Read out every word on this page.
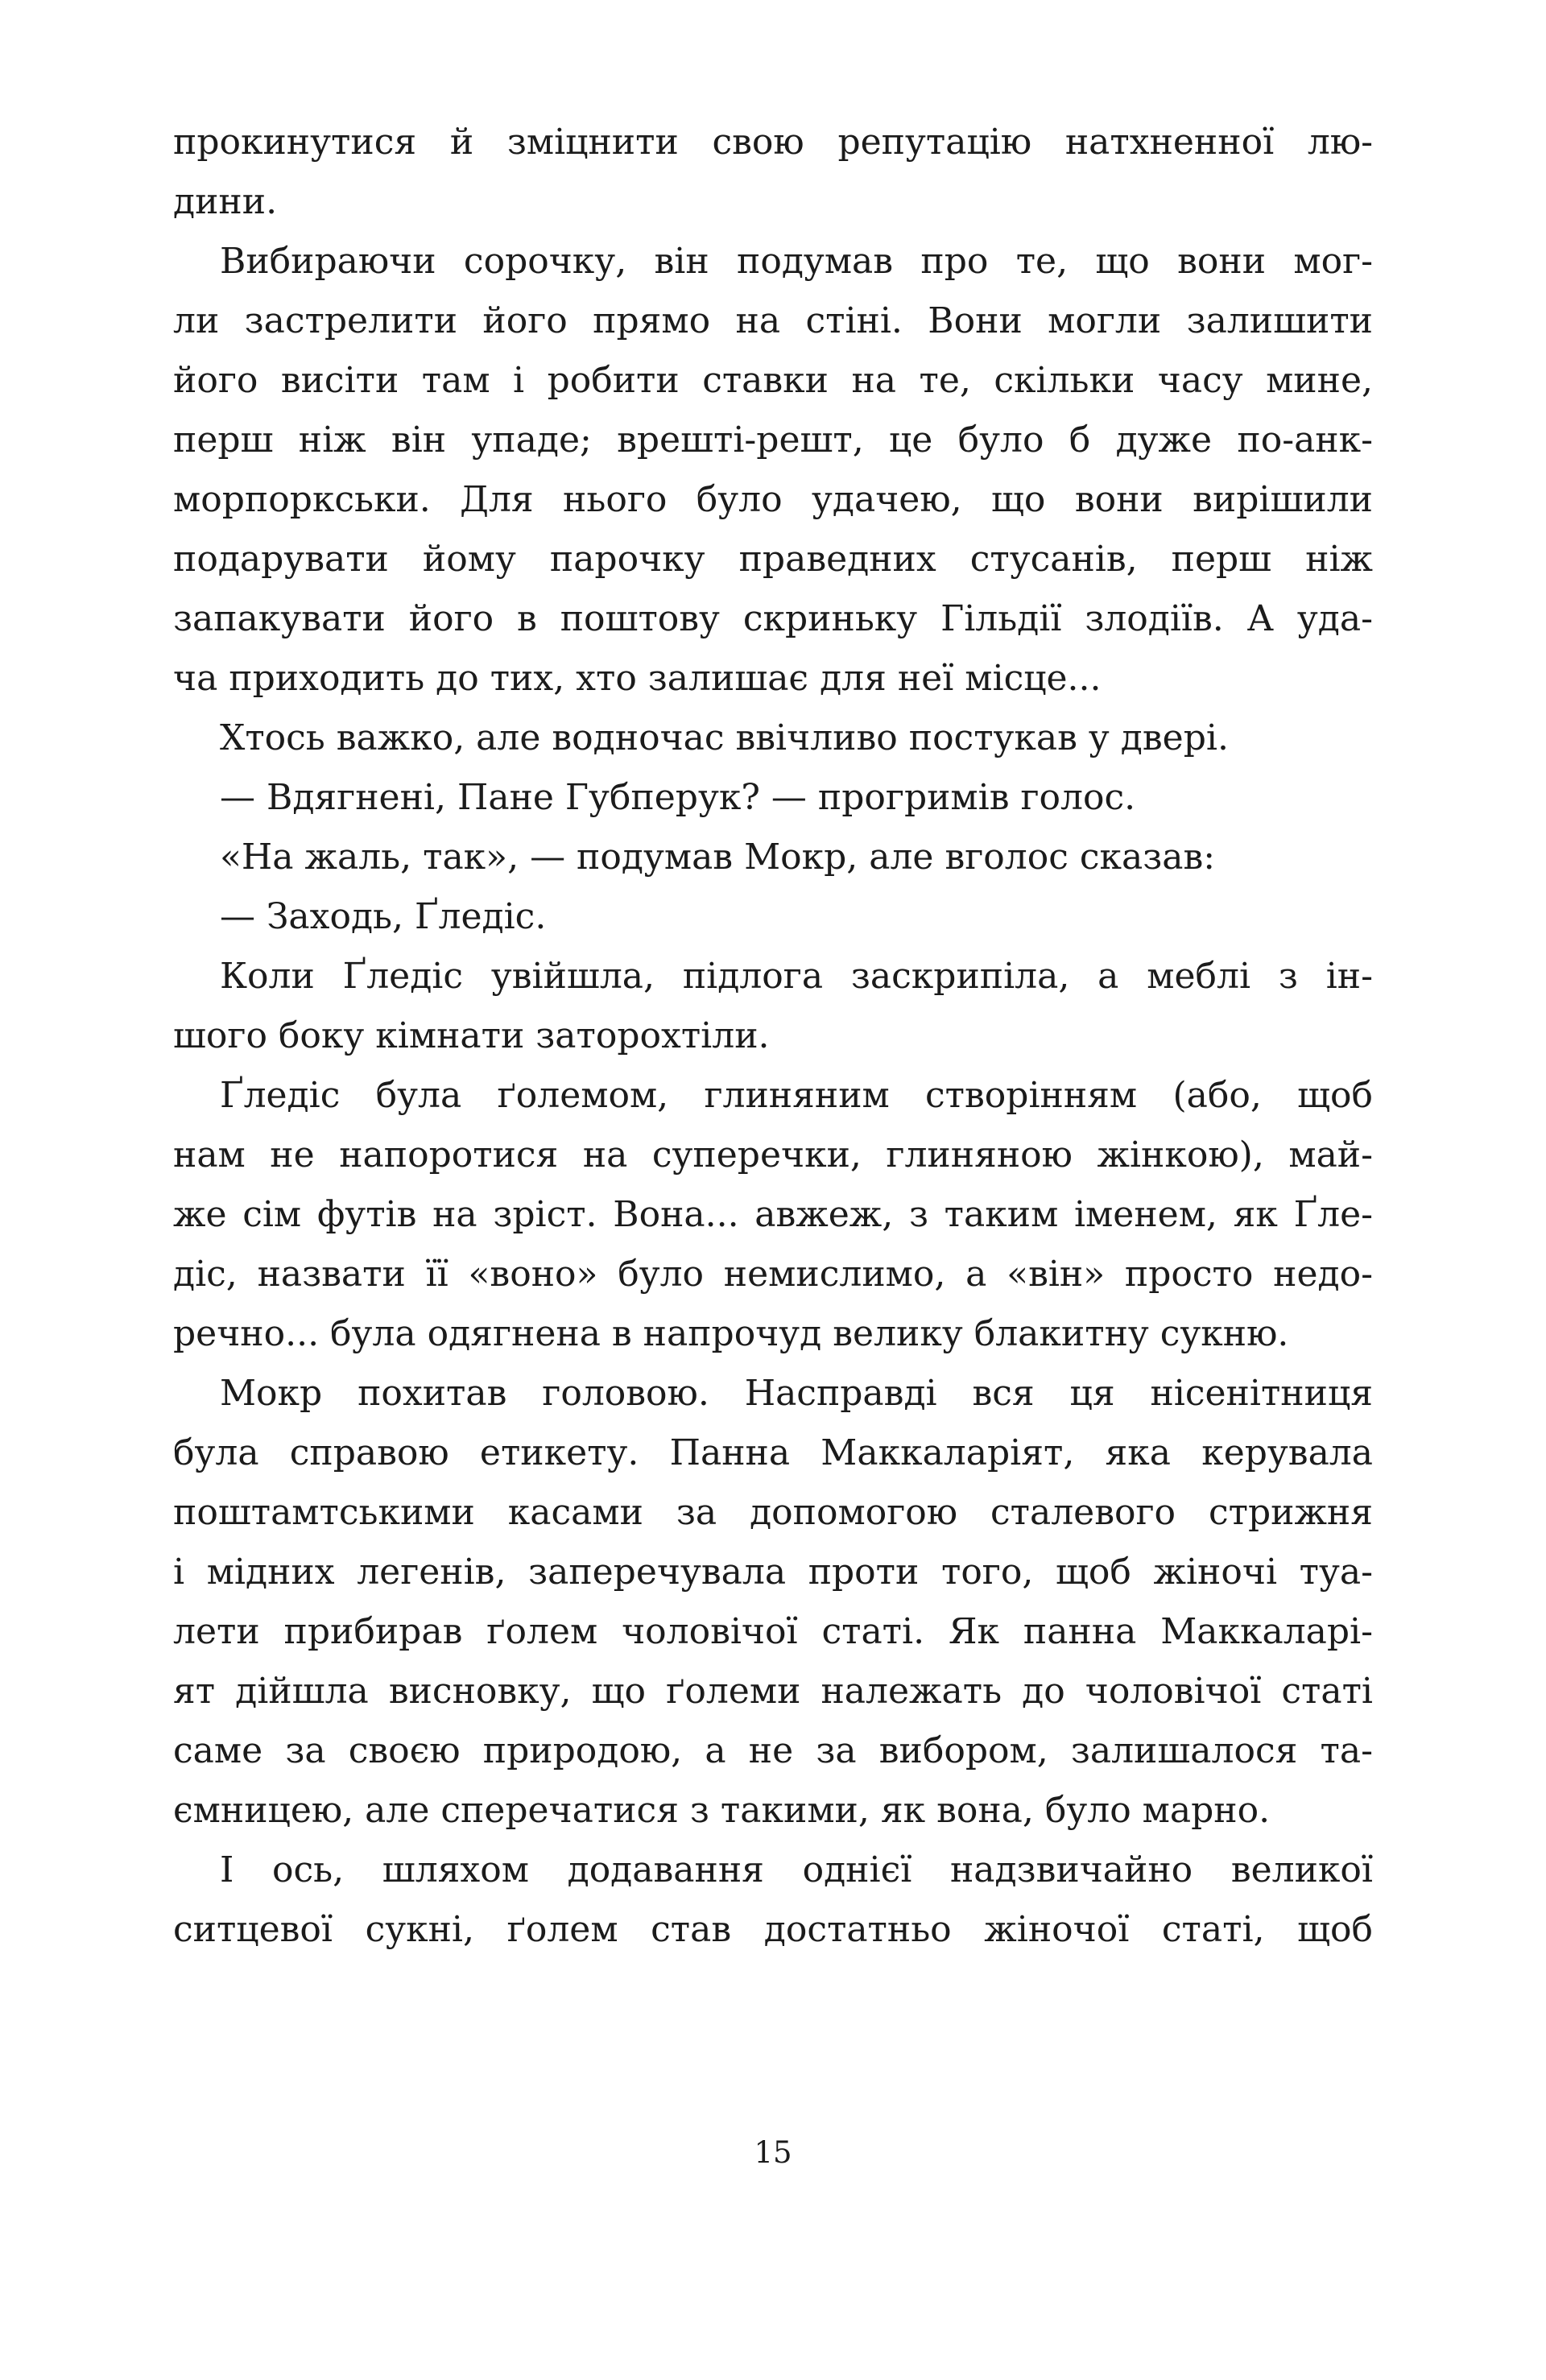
прокинутися й зміцнити свою репутацію натхненної лю-
дини.

Вибираючи сорочку, він подумав про те, що вони мог-
ли застрелити його прямо на стіні. Вони могли залишити
його висіти там і робити ставки на те, скільки часу мине,
перш ніж він упаде; врешті-решт, це було б дуже по-анк-
морпоркськи. Для нього було удачею, що вони вирішили
подарувати йому парочку праведних стусанів, перш ніж
запакувати його в поштову скриньку Гільдії злодіїв. А уда-
ча приходить до тих, хто залишає для неї місце...

Хтось важко, але водночас ввічливо постукав у двері.

— Вдягнені, Пане Губперук? — прогримів голос.

«На жаль, так», — подумав Мокр, але вголос сказав:

— Заходь, Ґледіс.

Коли Ґледіс увійшла, підлога заскрипіла, а меблі з ін-
шого боку кімнати заторохтіли.

Ґледіс була ґолемом, глиняним створінням (або, щоб
нам не напоротися на суперечки, глиняною жінкою), май-
же сім футів на зріст. Вона... авжеж, з таким іменем, як Ґле-
діс, назвати її «воно» було немислимо, а «він» просто недо-
речно... була одягнена в напрочуд велику блакитну сукню.

Мокр похитав головою. Насправді вся ця нісенітниця
була справою етикету. Панна Маккаларіят, яка керувала
поштамтськими касами за допомогою сталевого стрижня
і мідних легенів, заперечувала проти того, щоб жіночі туа-
лети прибирав ґолем чоловічої статі. Як панна Маккаларі-
ят дійшла висновку, що ґолеми належать до чоловічої статі
саме за своєю природою, а не за вибором, залишалося та-
ємницею, але сперечатися з такими, як вона, було марно.

І ось, шляхом додавання однієї надзвичайно великої
ситцевої сукні, ґолем став достатньо жіночої статі, щоб

15
